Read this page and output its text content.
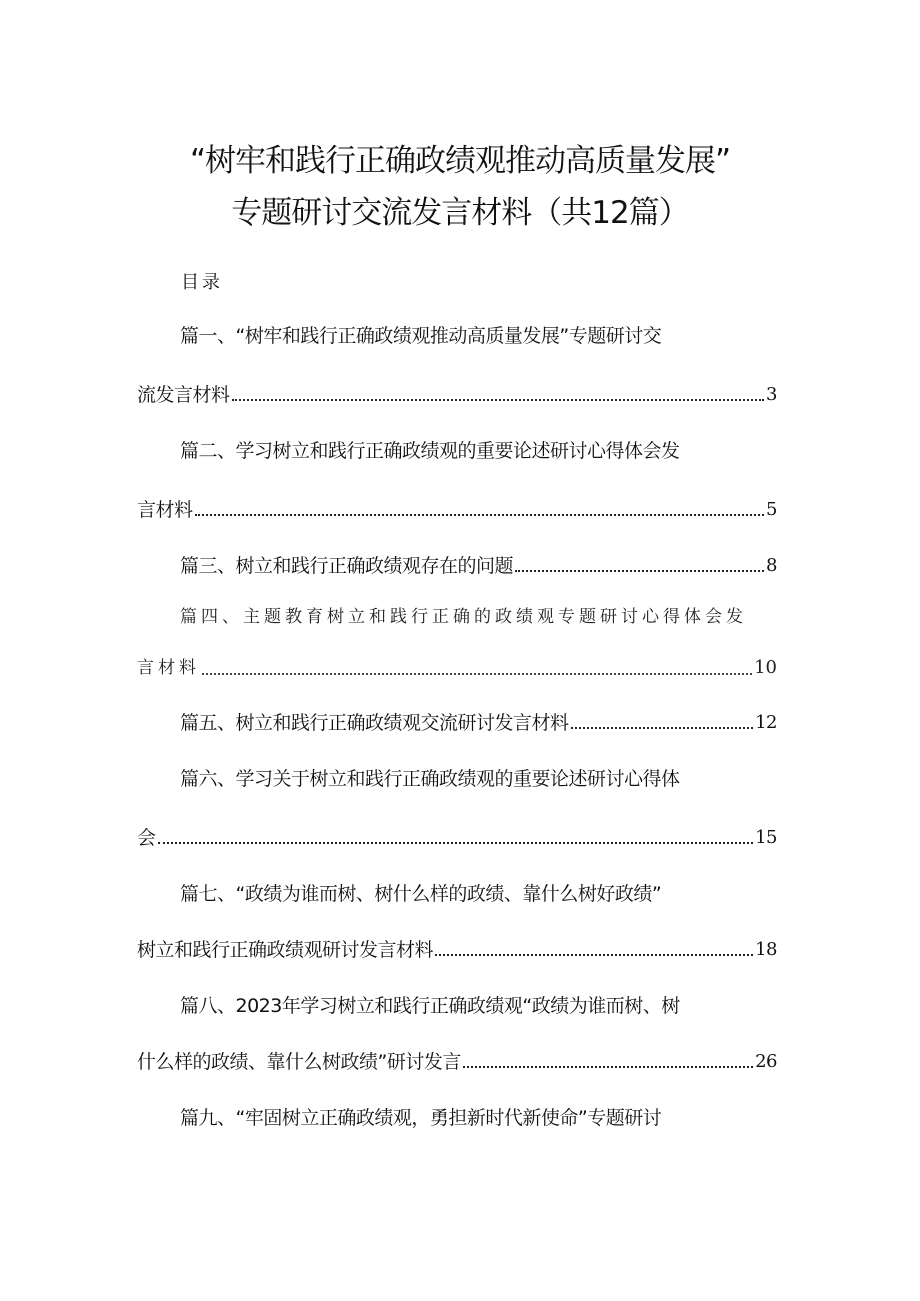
“树牢和践行正确政绩观推动高质量发展”
专题研讨交流发言材料（共12篇）
目录
篇一、“树牢和践行正确政绩观推动高质量发展”专题研讨交
流发言材料	3
篇二、学习树立和践行正确政绩观的重要论述研讨心得体会发
言材料	5
篇三、树立和践行正确政绩观存在的问题	8
篇四、主题教育树立和践行正确的政绩观专题研讨心得体会发
言材料	10
篇五、树立和践行正确政绩观交流研讨发言材料	12
篇六、学习关于树立和践行正确政绩观的重要论述研讨心得体
会	15
篇七、“政绩为谁而树、树什么样的政绩、靠什么树好政绩”
树立和践行正确政绩观研讨发言材料	18
篇八、2023年学习树立和践行正确政绩观“政绩为谁而树、树
什么样的政绩、靠什么树政绩”研讨发言	26
篇九、“牢固树立正确政绩观，勇担新时代新使命”专题研讨
